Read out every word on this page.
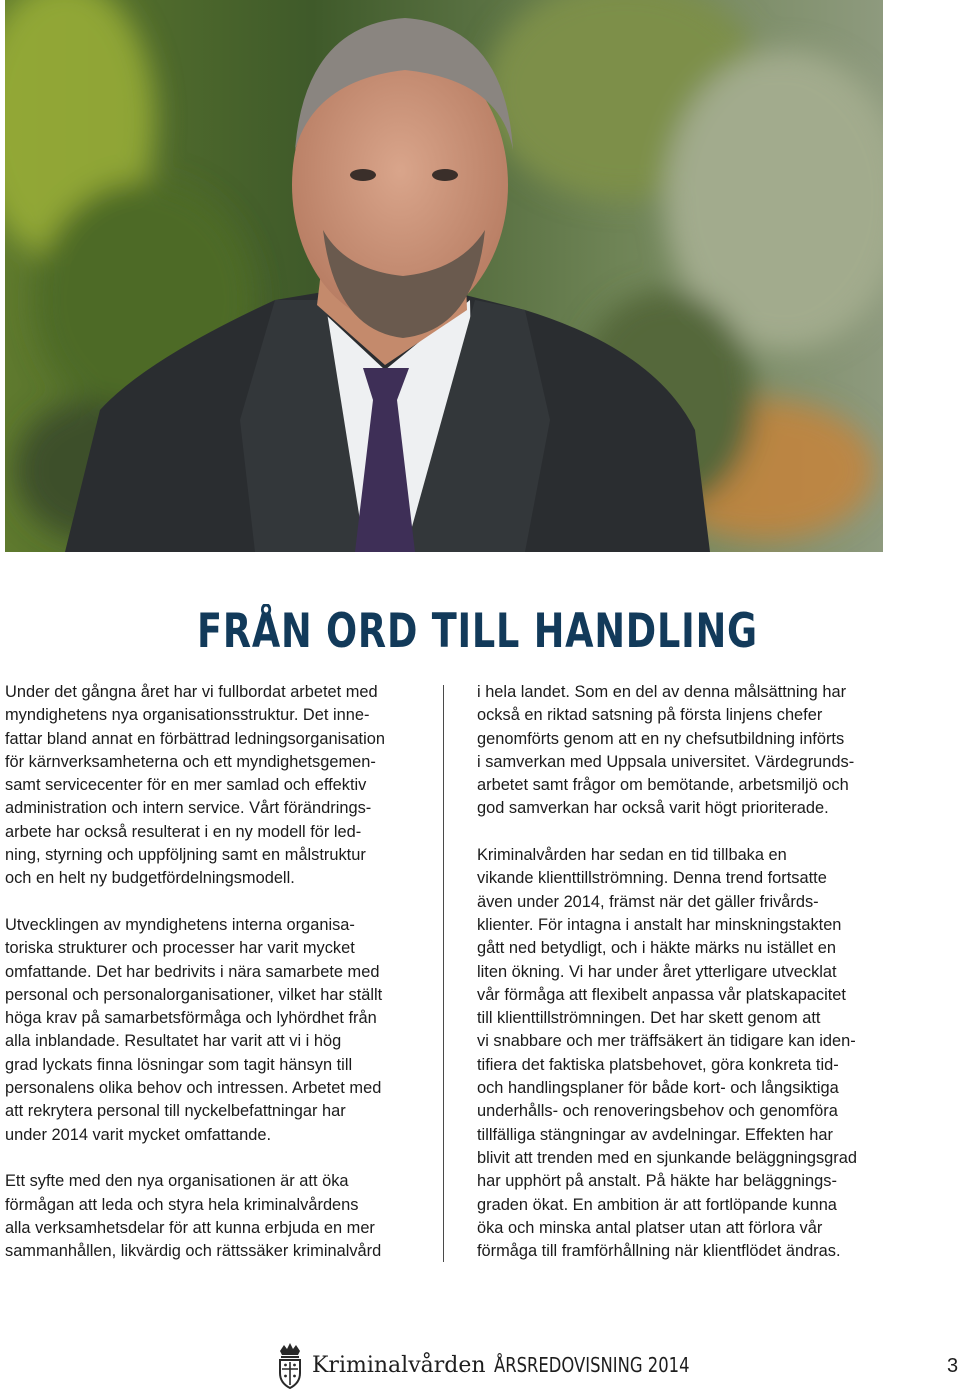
FRÅN ORD TILL HANDLING

Under det gångna året har vi fullbordat arbetet med
myndighetens nya organisationsstruktur. Det inne-
fattar bland annat en förbättrad ledningsorganisation
för kärnverksamheterna och ett myndighetsgemen-
samt servicecenter för en mer samlad och effektiv
administration och intern service. Vårt förändrings-
arbete har också resulterat i en ny modell för led-
ning, styrning och uppföljning samt en målstruktur
och en helt ny budgetfördelningsmodell.

Utvecklingen av myndighetens interna organisa-
toriska strukturer och processer har varit mycket
omfattande. Det har bedrivits i nära samarbete med
personal och personalorganisationer, vilket har ställt
höga krav på samarbetsförmåga och lyhördhet från
alla inblandade. Resultatet har varit att vi i hög
grad lyckats finna lösningar som tagit hänsyn till
personalens olika behov och intressen. Arbetet med
att rekrytera personal till nyckelbefattningar har
under 2014 varit mycket omfattande.

Ett syfte med den nya organisationen är att öka
förmågan att leda och styra hela kriminalvårdens
alla verksamhetsdelar för att kunna erbjuda en mer
sammanhållen, likvärdig och rättssäker kriminalvård

i hela landet. Som en del av denna målsättning har
också en riktad satsning på första linjens chefer
genomförts genom att en ny chefsutbildning införts
i samverkan med Uppsala universitet. Värdegrunds-
arbetet samt frågor om bemötande, arbetsmiljö och
god samverkan har också varit högt prioriterade.

Kriminalvården har sedan en tid tillbaka en
vikande klienttillströmning. Denna trend fortsatte
även under 2014, främst när det gäller frivårds-
klienter. För intagna i anstalt har minskningstakten
gått ned betydligt, och i häkte märks nu istället en
liten ökning. Vi har under året ytterligare utvecklat
vår förmåga att flexibelt anpassa vår platskapacitet
till klienttillströmningen. Det har skett genom att
vi snabbare och mer träffsäkert än tidigare kan iden-
tifiera det faktiska platsbehovet, göra konkreta tid-
och handlingsplaner för både kort- och långsiktiga
underhålls- och renoveringsbehov och genomföra
tillfälliga stängningar av avdelningar. Effekten har
blivit att trenden med en sjunkande beläggningsgrad
har upphört på anstalt. På häkte har beläggnings-
graden ökat. En ambition är att fortlöpande kunna
öka och minska antal platser utan att förlora vår
förmåga till framförhållning när klientflödet ändras.

Kriminalvården ÅRSREDOVISNING 2014	3
